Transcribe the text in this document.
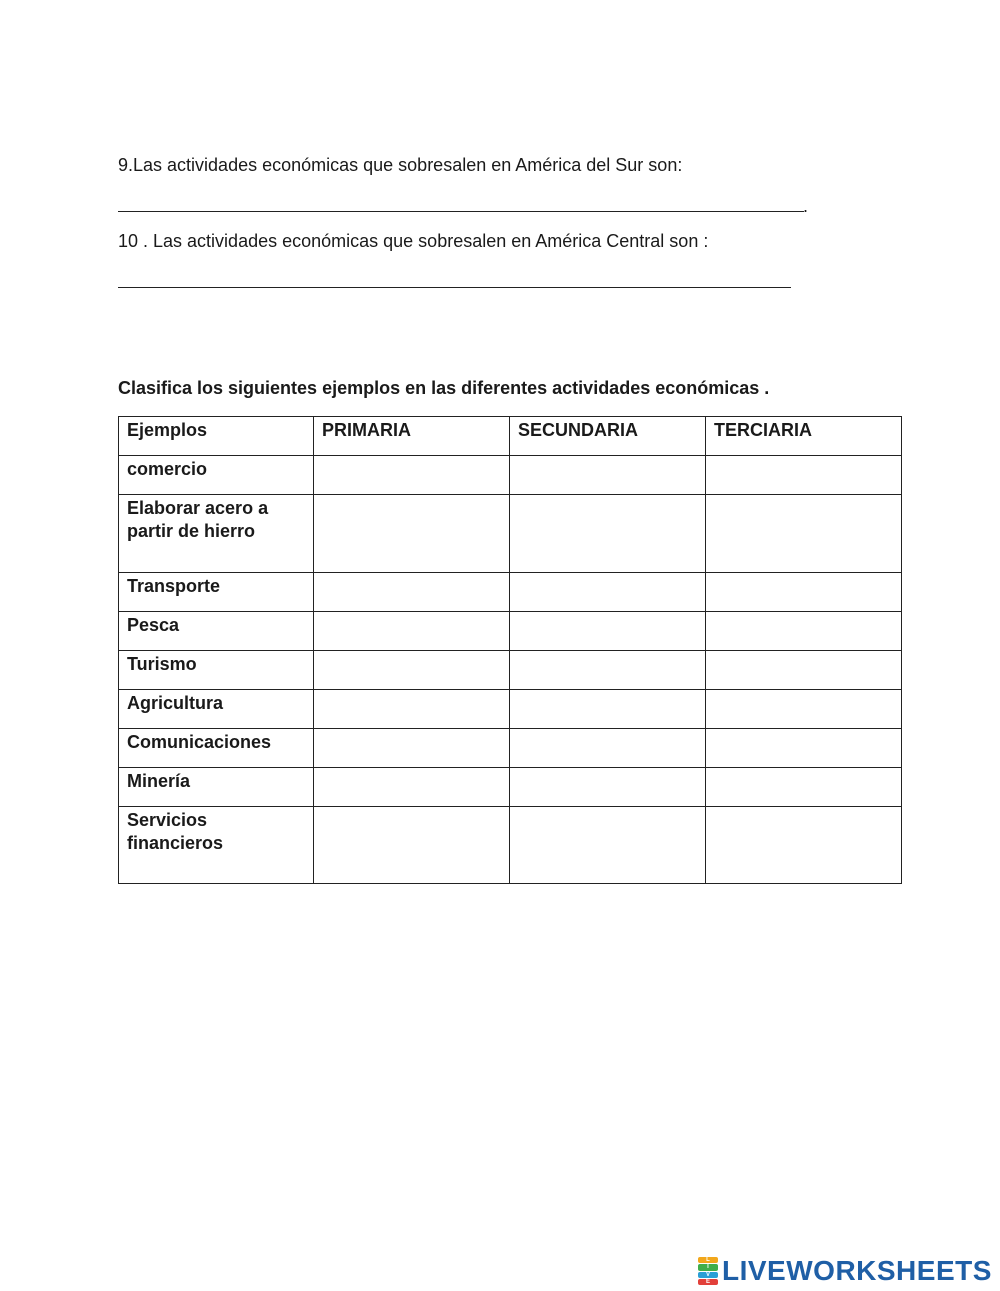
9.Las actividades económicas que sobresalen en América del Sur son:
.
10 . Las actividades económicas que sobresalen en América Central son :
Clasifica los siguientes ejemplos en las diferentes actividades económicas .
Ejemplos	PRIMARIA	SECUNDARIA	TERCIARIA
comercio			
Elaborar acero a partir de hierro			
Transporte			
Pesca			
Turismo			
Agricultura			
Comunicaciones			
Minería			
Servicios financieros			
L
I
V
E LIVEWORKSHEETS
